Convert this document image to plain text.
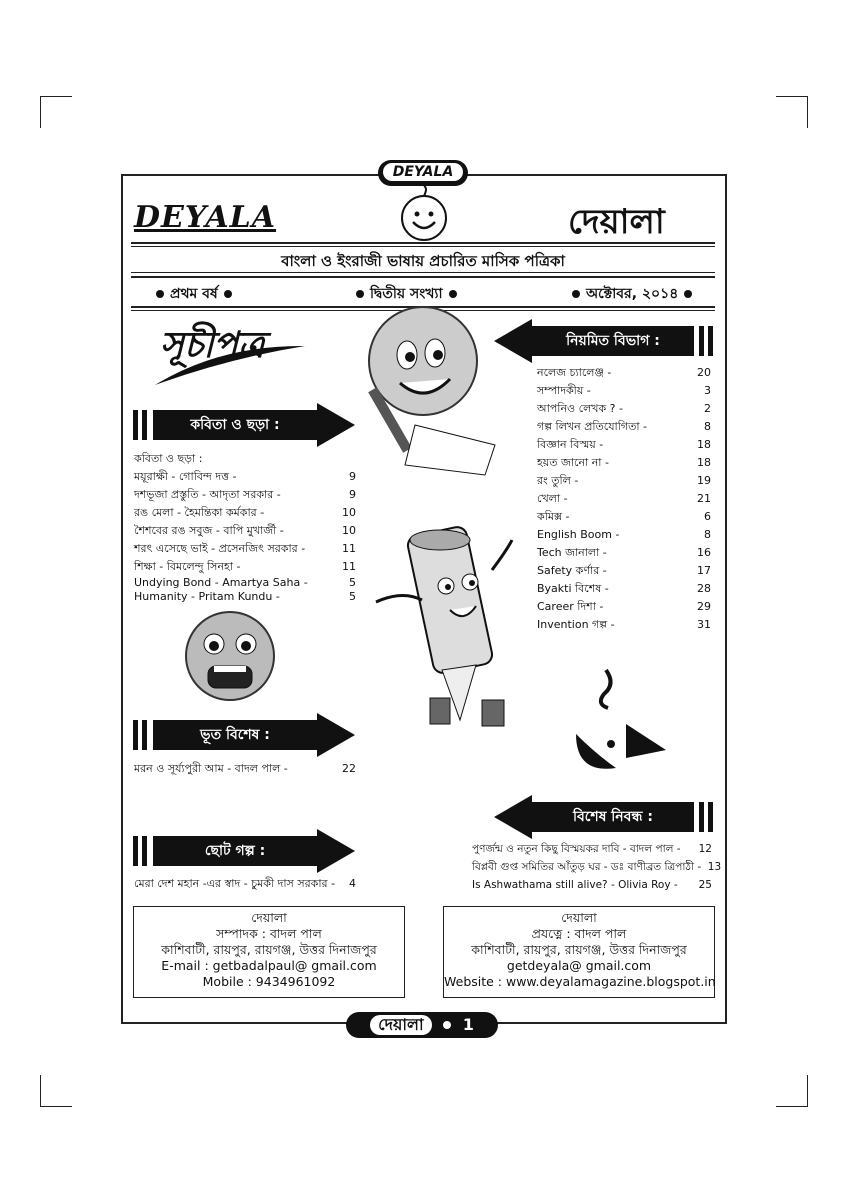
DEYALA
DEYALA	দেয়ালা
বাংলা ও ইংরাজী ভাষায় প্রচারিত মাসিক পত্রিকা
প্রথম বর্ষ	দ্বিতীয় সংখ্যা	অক্টোবর, ২০১৪
সূচীপত্র
কবিতা ও ছড়া :
কবিতা ও ছড়া :
ময়ূরাক্ষী - গোবিন্দ দত্ত -	9
দশভূজা প্রস্তুতি - আদৃতা সরকার -	9
রঙ মেলা - হৈমন্তিকা কর্মকার -	10
শৈশবের রঙ সবুজ - বাপি মুখার্জী -	10
শরৎ এসেছে ভাই - প্রসেনজিৎ সরকার -	11
শিক্ষা - বিমলেন্দু সিনহা -	11
Undying Bond - Amartya Saha -	5
Humanity - Pritam Kundu -	5
ভূত বিশেষ :
মরন ও সূর্য্যপুরী আম - বাদল পাল -	22
ছোট গল্প :
মেরা দেশ মহান -এর স্বাদ - চুমকী দাস সরকার -	4
নিয়মিত বিভাগ :
নলেজ চ্যালেঞ্জ -	20
সম্পাদকীয় -	3
আপনিও লেখক ? -	2
গল্প লিখন প্রতিযোগিতা -	8
বিজ্ঞান বিস্ময় -	18
হয়ত জানো না -	18
রং তুলি -	19
খেলা -	21
কমিক্স -	6
English Boom -	8
Tech জানালা -	16
Safety কর্ণার -	17
Byakti বিশেষ -	28
Career দিশা -	29
Invention গল্প -	31
বিশেষ নিবন্ধ :
পুণর্জন্ম ও নতুন কিছু বিস্ময়কর দাবি - বাদল পাল -	12
বিপ্লবী গুপ্ত সমিতির আঁতুড় ঘর - ডঃ বাণীব্রত ত্রিপাঠী - 13
Is Ashwathama still alive? - Olivia Roy -	25
দেয়ালা
সম্পাদক : বাদল পাল
কাশিবাটী, রায়পুর, রায়গঞ্জ, উত্তর দিনাজপুর
E-mail : getbadalpaul@ gmail.com
Mobile : 9434961092
দেয়ালা
প্রযত্নে : বাদল পাল
কাশিবাটী, রায়পুর, রায়গঞ্জ, উত্তর দিনাজপুর
getdeyala@ gmail.com
Website : www.deyalamagazine.blogspot.in
দেয়ালা 1
